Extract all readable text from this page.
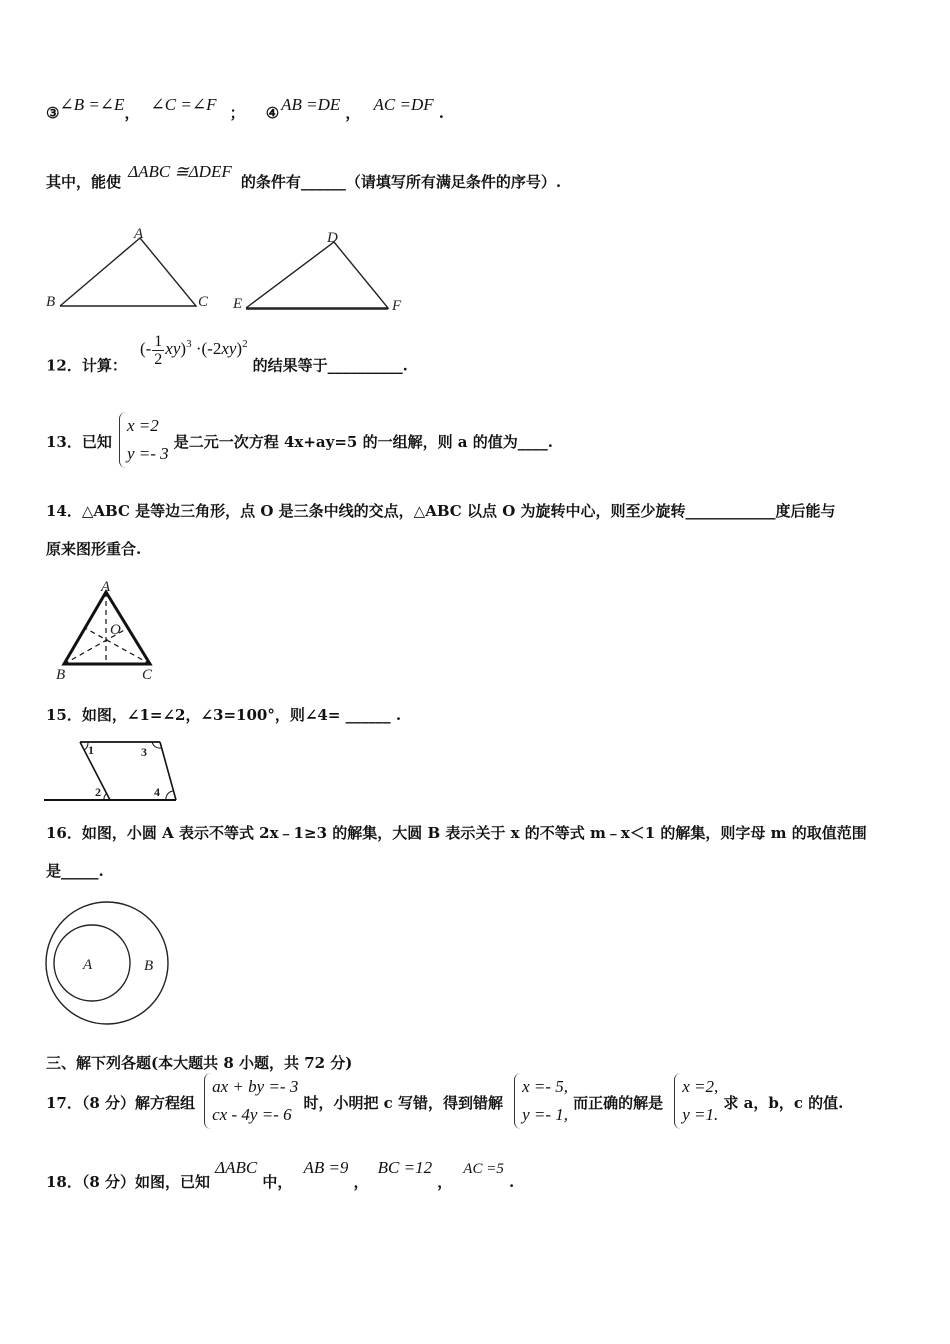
③∠B =∠E， ∠C =∠F ； ④ AB =DE ， AC =DF .
其中，能使 ΔABC ≅ΔDEF 的条件有______（请填写所有满足条件的序号）.
A
B	C
D
E	F
12．计算： (- $\frac{1}{2} xy)^3 \cdot(-2xy)^2$ 的结果等于__________.
13．已知 x =2
y =- 3 是二元一次方程 4x+ay=5 的一组解，则 a 的值为____.
14．△ABC 是等边三角形，点 O 是三条中线的交点，△ABC 以点 O 为旋转中心，则至少旋转____________度后能与
原来图形重合.
A
B	C
O
15．如图，∠1=∠2，∠3=100°，则∠4= ______ .
1
2
3
4
16．如图，小圆 A 表示不等式 2x﹣1≥3 的解集，大圆 B 表示关于 x 的不等式 m﹣x＜1 的解集，则字母 m 的取值范围
是_____.
A	B
三、解下列各题(本大题共 8 小题，共 72 分)
17．（8 分）解方程组 ax + by =- 3
cx - 4y =- 6 时，小明把 c 写错，得到错解 x =- 5,
y =- 1, 而正确的解是 x =2,
y =1. 求 a，b，c 的值.
18．（8 分）如图，已知 ΔABC 中， AB =9 ， BC =12 ， AC =5 .
